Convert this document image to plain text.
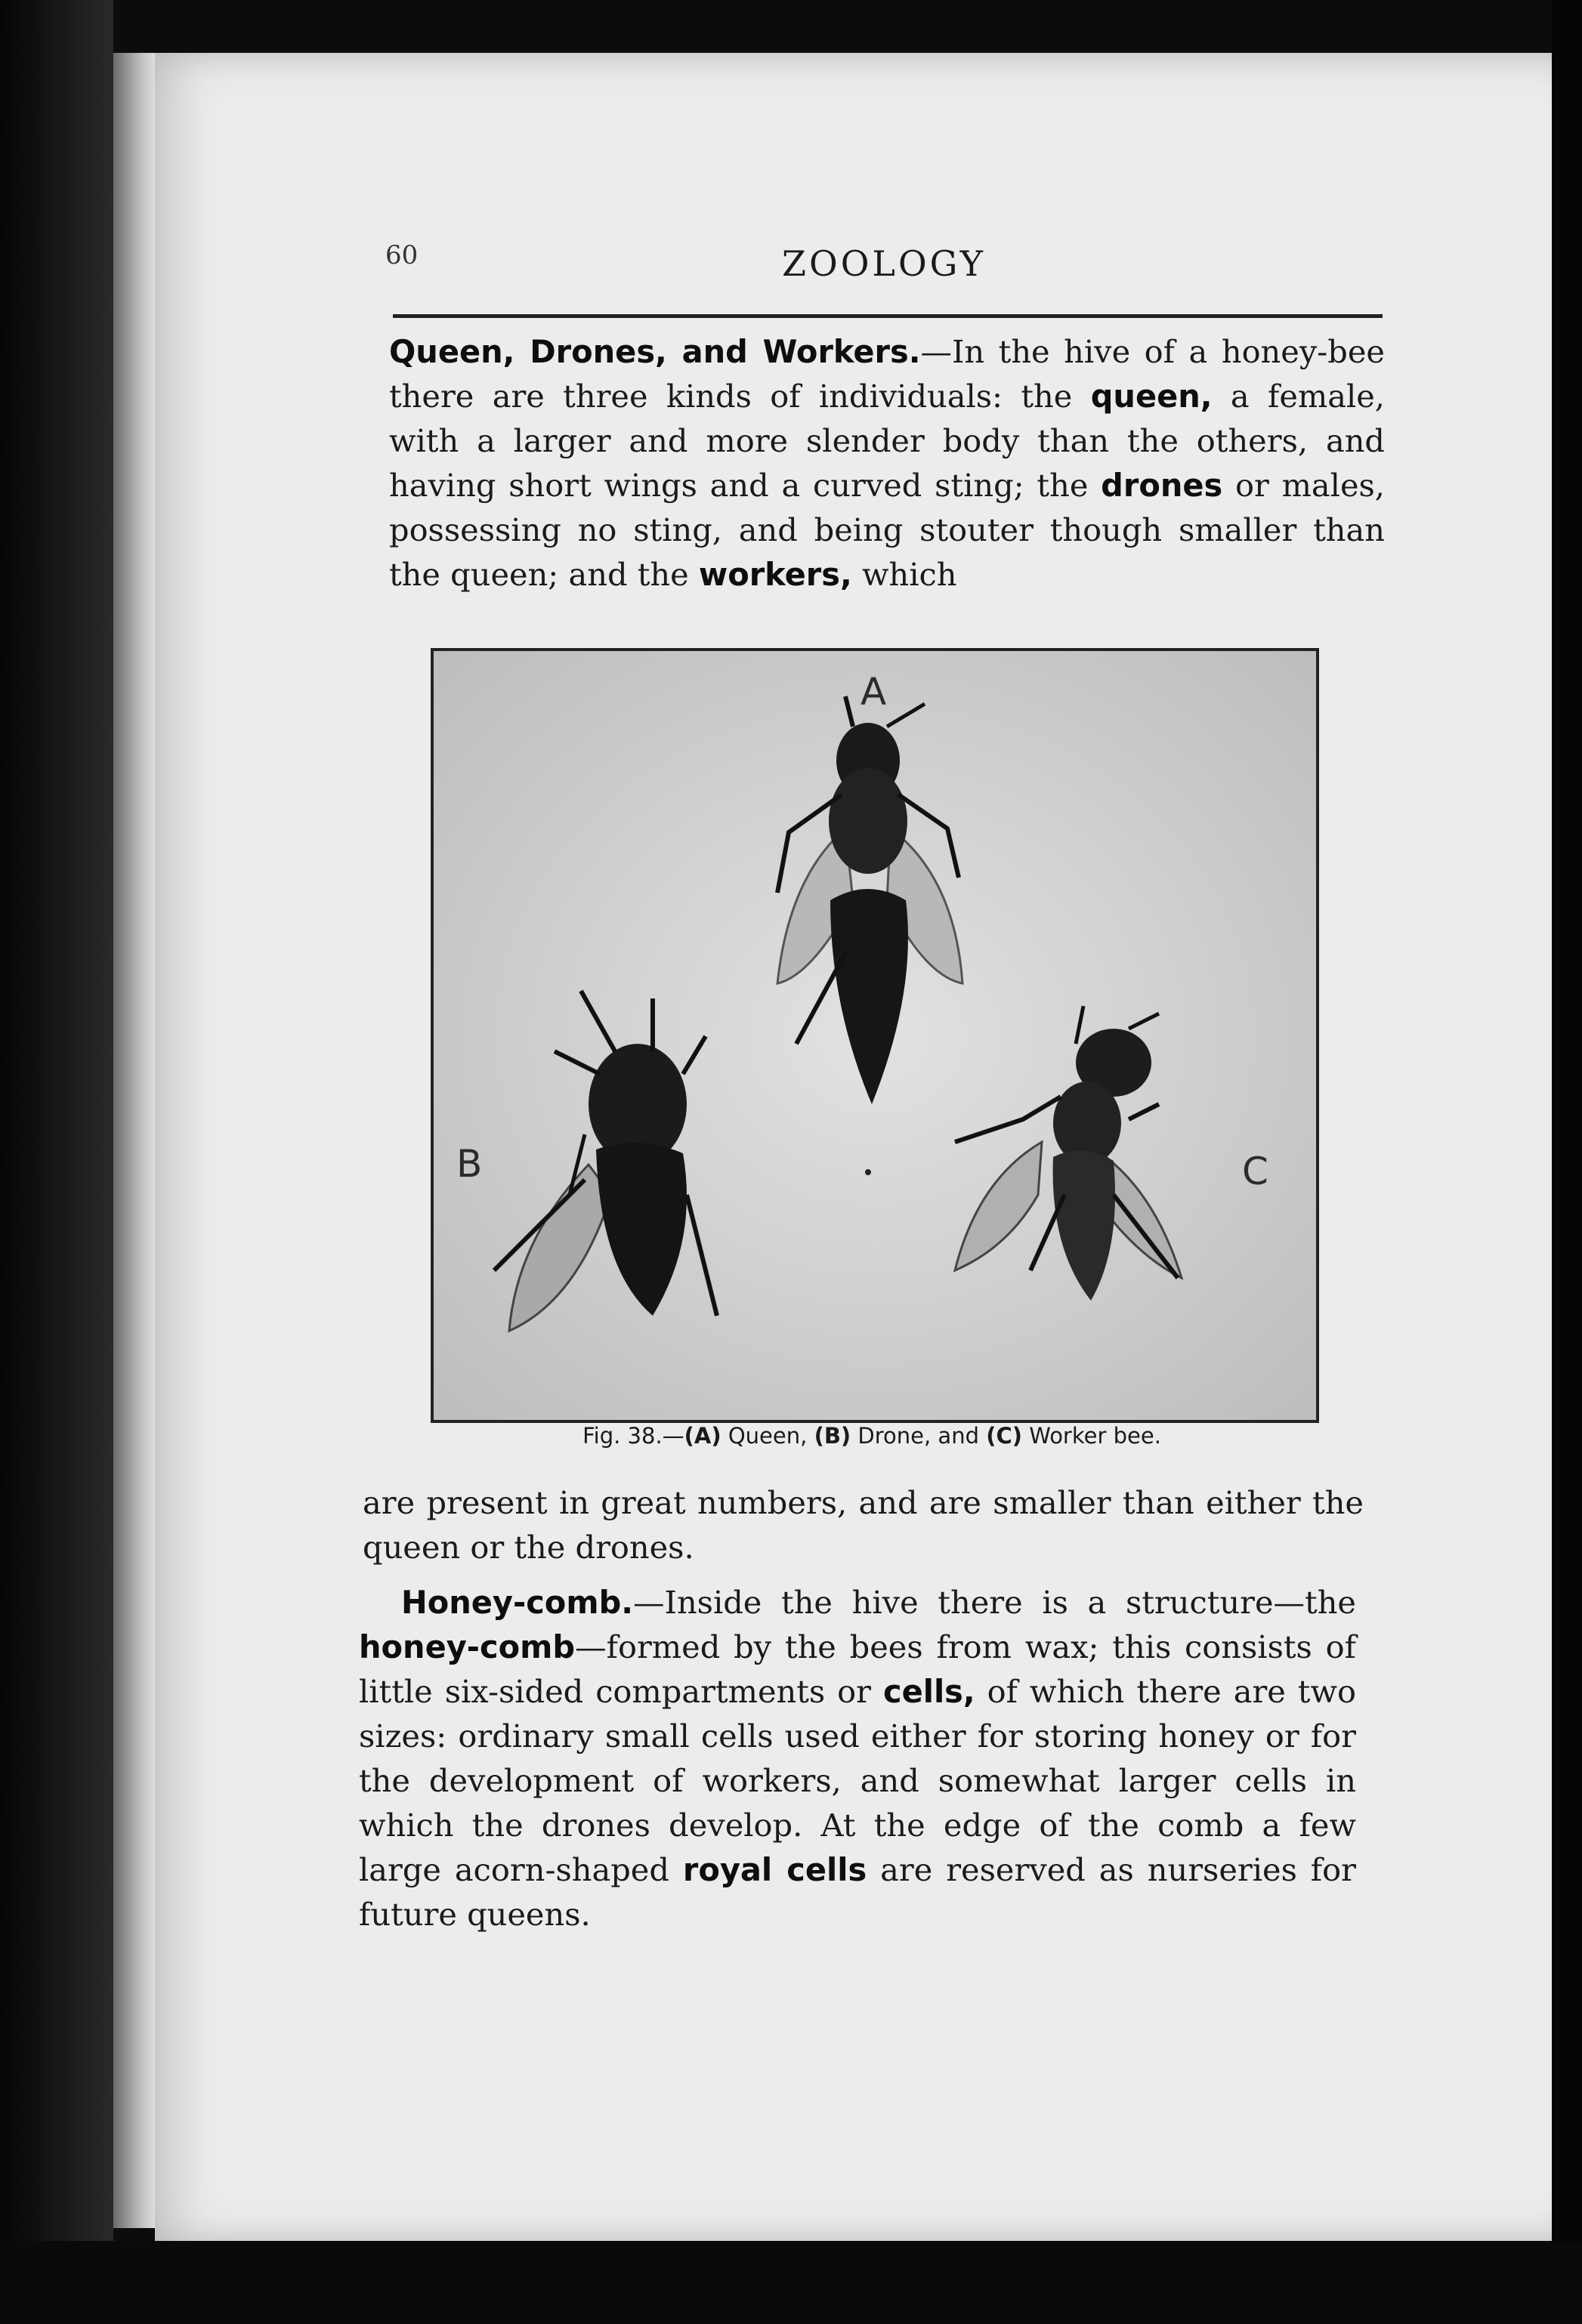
60	ZOOLOGY
Queen, Drones, and Workers.—In the hive of a honey-bee there are three kinds of individuals: the queen, a female, with a larger and more slender body than the others, and having short wings and a curved sting; the drones or males, possessing no sting, and being stouter though smaller than the queen; and the workers, which
A
B	C
Fig. 38.—(A) Queen, (B) Drone, and (C) Worker bee.
are present in great numbers, and are smaller than either the queen or the drones.
Honey-comb.—Inside the hive there is a structure—the honey-comb—formed by the bees from wax; this consists of little six-sided compartments or cells, of which there are two sizes: ordinary small cells used either for storing honey or for the development of workers, and somewhat larger cells in which the drones develop. At the edge of the comb a few large acorn-shaped royal cells are reserved as nurseries for future queens.
